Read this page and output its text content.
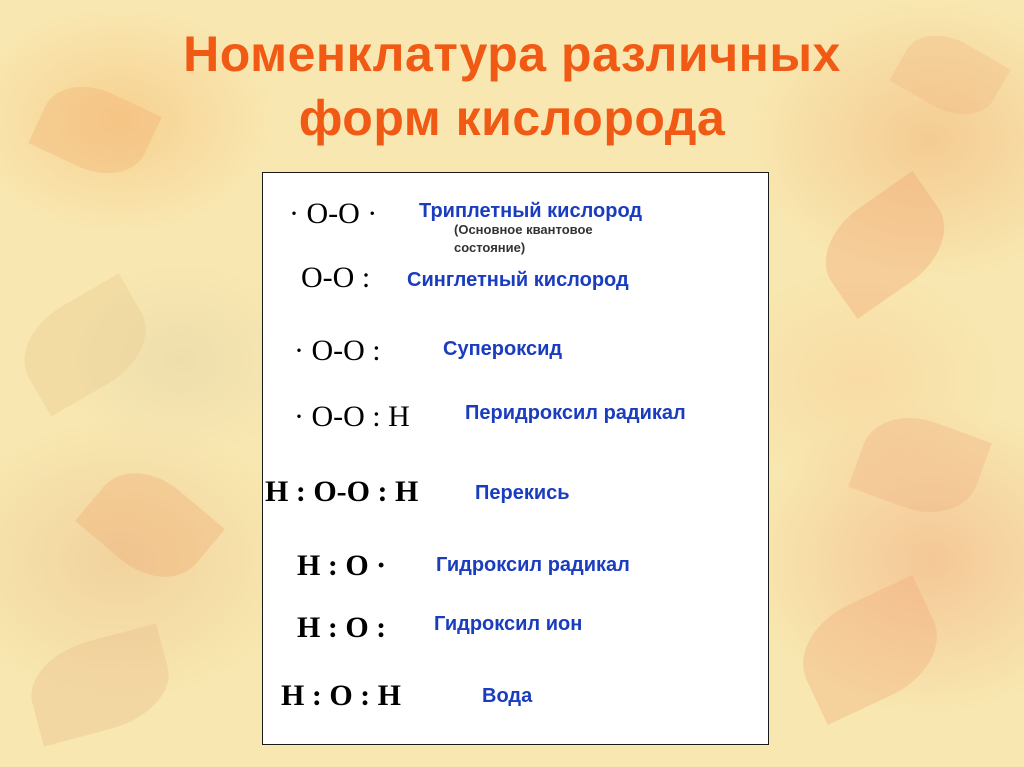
Номенклатура различных
форм кислорода
· O-O · Триплетный кислород
(Основное квантовое
состояние)
O-O : Синглетный кислород
· O-O :	Супероксид
· O-O : H	Перидроксил радикал
H : O-O : H	Перекись
H : O · Гидроксил радикал
H : O : Гидроксил ион
H : O : H	Вода
